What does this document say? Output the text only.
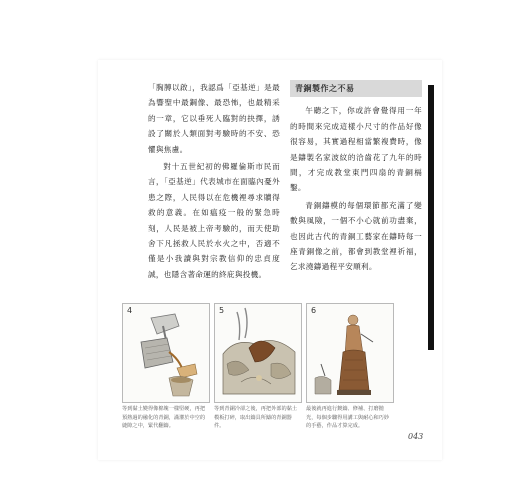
「胸膊以啟」，我認爲「亞基逆」是最為響聖中最鋼像、最恐怖，也最精采的一章，它以垂死人臨對的抉擇，誘設了關於人類面對考驗時的不安、恐懼與焦慮。

對十五世紀初的佛羅倫斯市民而言，「亞基逆」代表城市在面臨內憂外患之際，人民得以在危機裡尋求贖得救的意義。在如瘟疫一般的緊急時刻，人民是被上帝考驗的，而天使助舍下凡拯救人民於水火之中，否適不僅是小我讀與對宗教信仰的忠貞度誠，也隱含著命運的終庇與投機。

青銅製作之不易

午聽之下，你或許會覺得用一年的時間來完成這樣小尺寸的作品好像很容易，其實過程相當繁複費時，像是鑄製名家波紋的洽齒花了九年的時間，才完成教堂東門四扇的青銅槅鑿。

青銅鑄模的每個環節都充滿了變數與風險，一個不小心就前功盡棄，也因此古代的青銅工藝家在鑄時每一座青銅像之前，都會到教堂裡祈福，乞求澆鑄過程平安順利。

4
等到黏土變得像棉塊一樣堅硬，再把預熱過的融化的青銅，滿灌於中空的縫隙之中，緊代翻鑄。
5
等到青銅冷卻之後，再把外部的黏土模板打碎，取出鑄具所鑄的青銅器件。
6
最後就再進行鍍鑄、修補、打磨拋光，每個步驟得用講工與耐心和巧妙的手藝，作品才算完成。
043
